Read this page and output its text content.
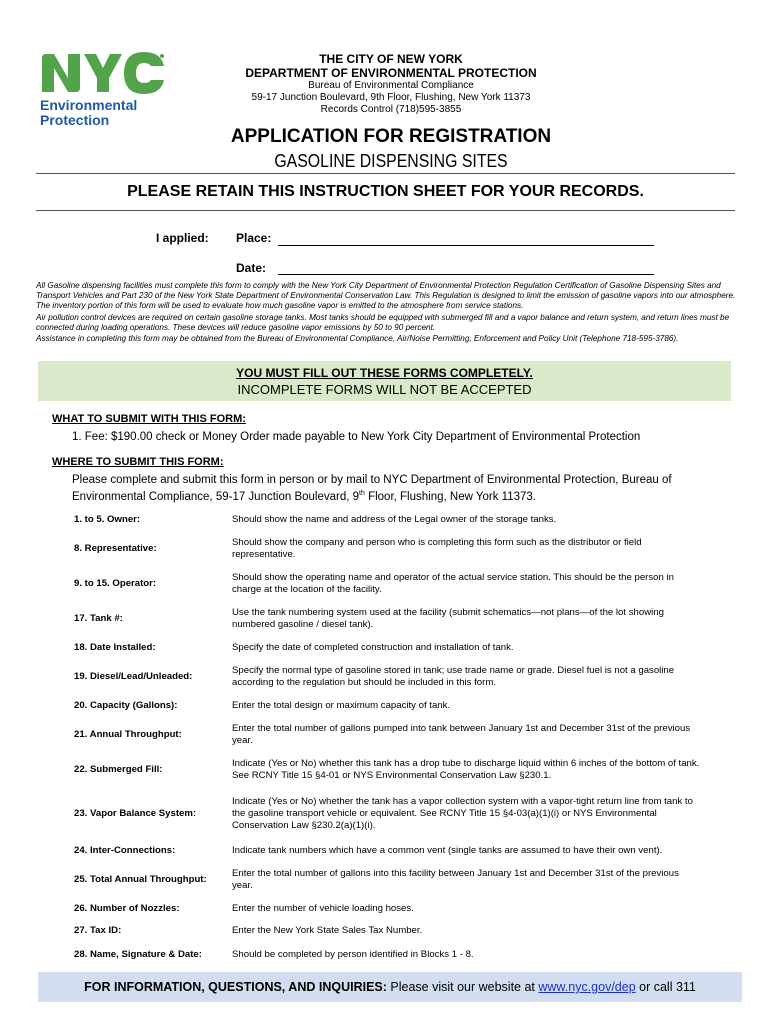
Environmental
Protection
THE CITY OF NEW YORK
DEPARTMENT OF ENVIRONMENTAL PROTECTION
Bureau of Environmental Compliance
59-17 Junction Boulevard, 9th Floor, Flushing, New York 11373
Records Control (718)595-3855
APPLICATION FOR REGISTRATION
GASOLINE DISPENSING SITES
PLEASE RETAIN THIS INSTRUCTION SHEET FOR YOUR RECORDS.
I applied: Place:
Date:

All Gasoline dispensing facilities must complete this form to comply with the New York City Department of Environmental Protection Regulation Certification of Gasoline Dispensing Sites and Transport Vehicles and Part 230 of the New York State Department of Environmental Conservation Law. This Regulation is designed to limit the emission of gasoline vapors into our atmosphere. The inventory portion of this form will be used to evaluate how much gasoline vapor is emitted to the atmosphere from service stations.

Air pollution control devices are required on certain gasoline storage tanks. Most tanks should be equipped with submerged fill and a vapor balance and return system, and return lines must be connected during loading operations. These devices will reduce gasoline vapor emissions by 50 to 90 percent.

Assistance in completing this form may be obtained from the Bureau of Environmental Compliance, Air/Noise Permitting, Enforcement and Policy Unit (Telephone 718-595-3786).

YOU MUST FILL OUT THESE FORMS COMPLETELY.
INCOMPLETE FORMS WILL NOT BE ACCEPTED
WHAT TO SUBMIT WITH THIS FORM:
1. Fee: $190.00 check or Money Order made payable to New York City Department of Environmental Protection
WHERE TO SUBMIT THIS FORM:
Please complete and submit this form in person or by mail to NYC Department of Environmental Protection, Bureau of Environmental Compliance, 59-17 Junction Boulevard, 9th Floor, Flushing, New York 11373.
1. to 5. Owner:	Should show the name and address of the Legal owner of the storage tanks.
8. Representative:
Should show the company and person who is completing this form such as the distributor or field representative.
9. to 15. Operator:
Should show the operating name and operator of the actual service station. This should be the person in charge at the location of the facility.
17. Tank #:
Use the tank numbering system used at the facility (submit schematics—not plans—of the lot showing numbered gasoline / diesel tank).
18. Date Installed:	Specify the date of completed construction and installation of tank.
19. Diesel/Lead/Unleaded:
Specify the normal type of gasoline stored in tank; use trade name or grade. Diesel fuel is not a gasoline according to the regulation but should be included in this form.
20. Capacity (Gallons):	Enter the total design or maximum capacity of tank.
21. Annual Throughput:
Enter the total number of gallons pumped into tank between January 1st and December 31st of the previous year.
22. Submerged Fill:
Indicate (Yes or No) whether this tank has a drop tube to discharge liquid within 6 inches of the bottom of tank. See RCNY Title 15 §4-01 or NYS Environmental Conservation Law §230.1.
23. Vapor Balance System:
Indicate (Yes or No) whether the tank has a vapor collection system with a vapor-tight return line from tank to the gasoline transport vehicle or equivalent. See RCNY Title 15 §4-03(a)(1)(i) or NYS Environmental Conservation Law §230.2(a)(1)(i).
24. Inter-Connections:	Indicate tank numbers which have a common vent (single tanks are assumed to have their own vent).
25. Total Annual Throughput:
Enter the total number of gallons into this facility between January 1st and December 31st of the previous year.
26. Number of Nozzles:	Enter the number of vehicle loading hoses.
27. Tax ID:	Enter the New York State Sales Tax Number.
28. Name, Signature & Date:	Should be completed by person identified in Blocks 1 - 8.
FOR INFORMATION, QUESTIONS, AND INQUIRIES: Please visit our website at www.nyc.gov/dep or call 311
